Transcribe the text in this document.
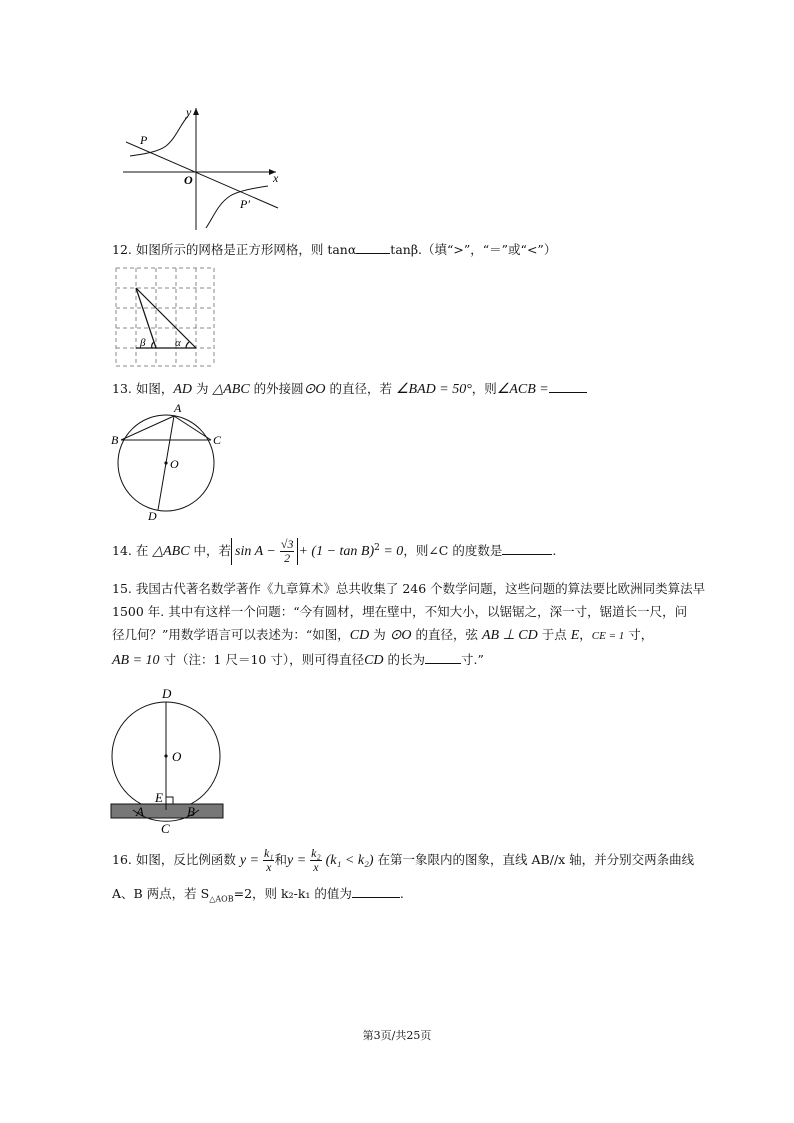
y
x
O
P
P′
12. 如图所示的网格是正方形网格，则 tanα	tanβ.（填“>”，“＝”或“<”）
β	α
13. 如图，AD 为 △ABC 的外接圆⊙O 的直径，若 ∠BAD = 50°，则∠ACB =
A
B	C
O
D
14. 在 △ABC 中，若 $\sin A - \frac{√3}{2} + (1 - \tan B)^2 = 0$，则∠C 的度数是	.
15. 我国古代著名数学著作《九章算术》总共收集了 246 个数学问题，这些问题的算法要比欧洲同类算法早
1500 年. 其中有这样一个问题：“今有圆材，埋在壁中，不知大小，以锯锯之，深一寸，锯道长一尺，问
径几何？”用数学语言可以表述为：“如图，CD 为 ⊙O 的直径，弦 AB ⊥ CD 于点 E，CE = 1 寸，
AB = 10 寸（注：1 尺＝10 寸），则可得直径CD 的长为	寸.”
D
O
E
A	B
C
16. 如图，反比例函数 $y = \frac{\text{k₁}}{x}$ 和$y = \frac{\text{k₂}}{x} (k_1 < k_2)$ 在第一象限内的图象，直线 AB//x 轴，并分别交两条曲线
A、B 两点，若 $S_{\triangle AOB}=2$，则 k₂-k₁ 的值为	.
第3页/共25页
